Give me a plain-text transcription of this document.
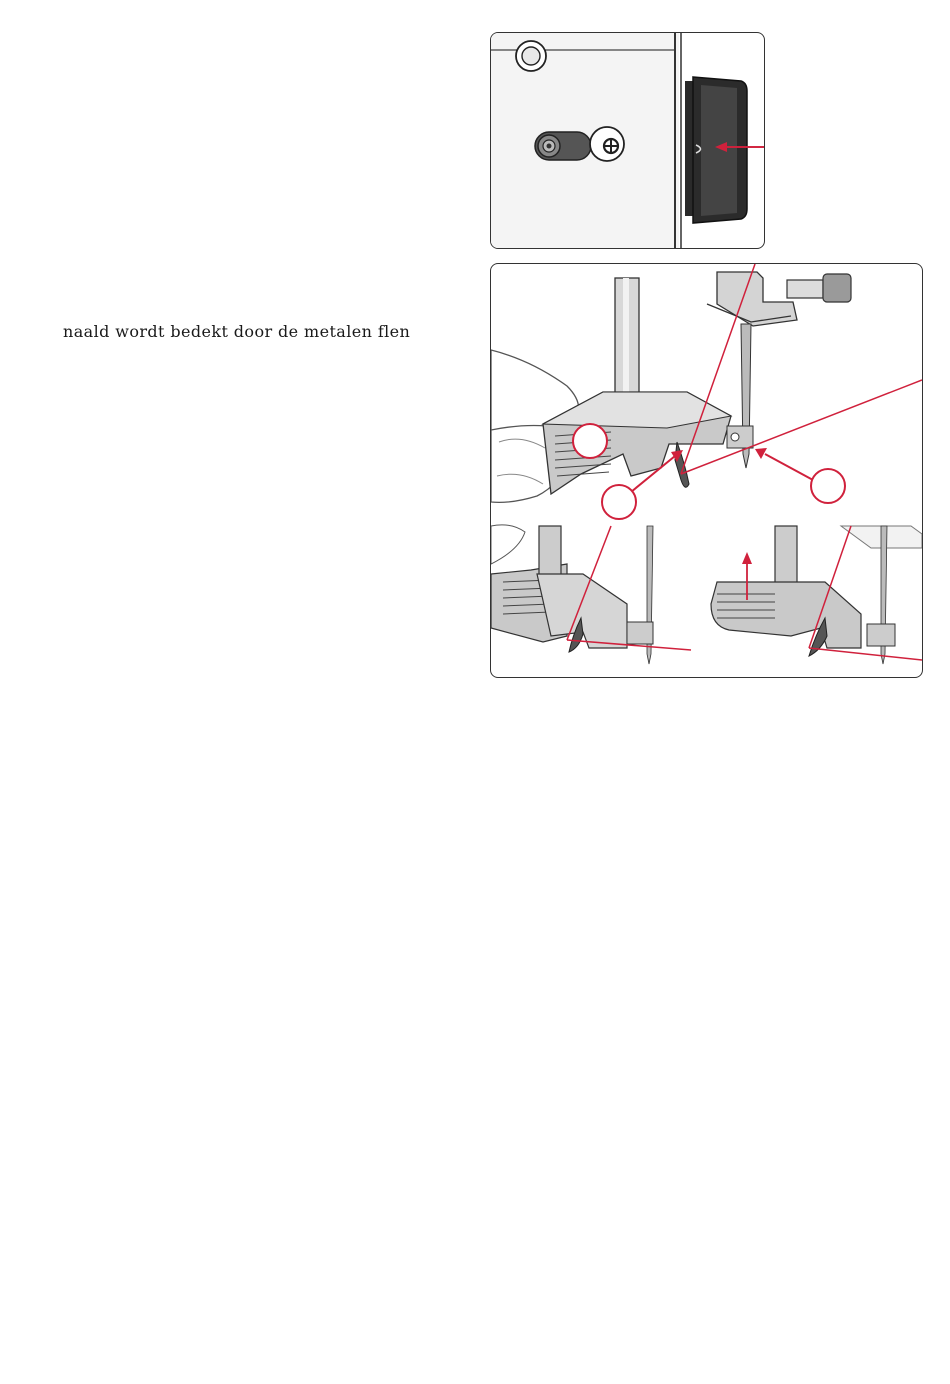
naald wordt bedekt door de metalen flen
